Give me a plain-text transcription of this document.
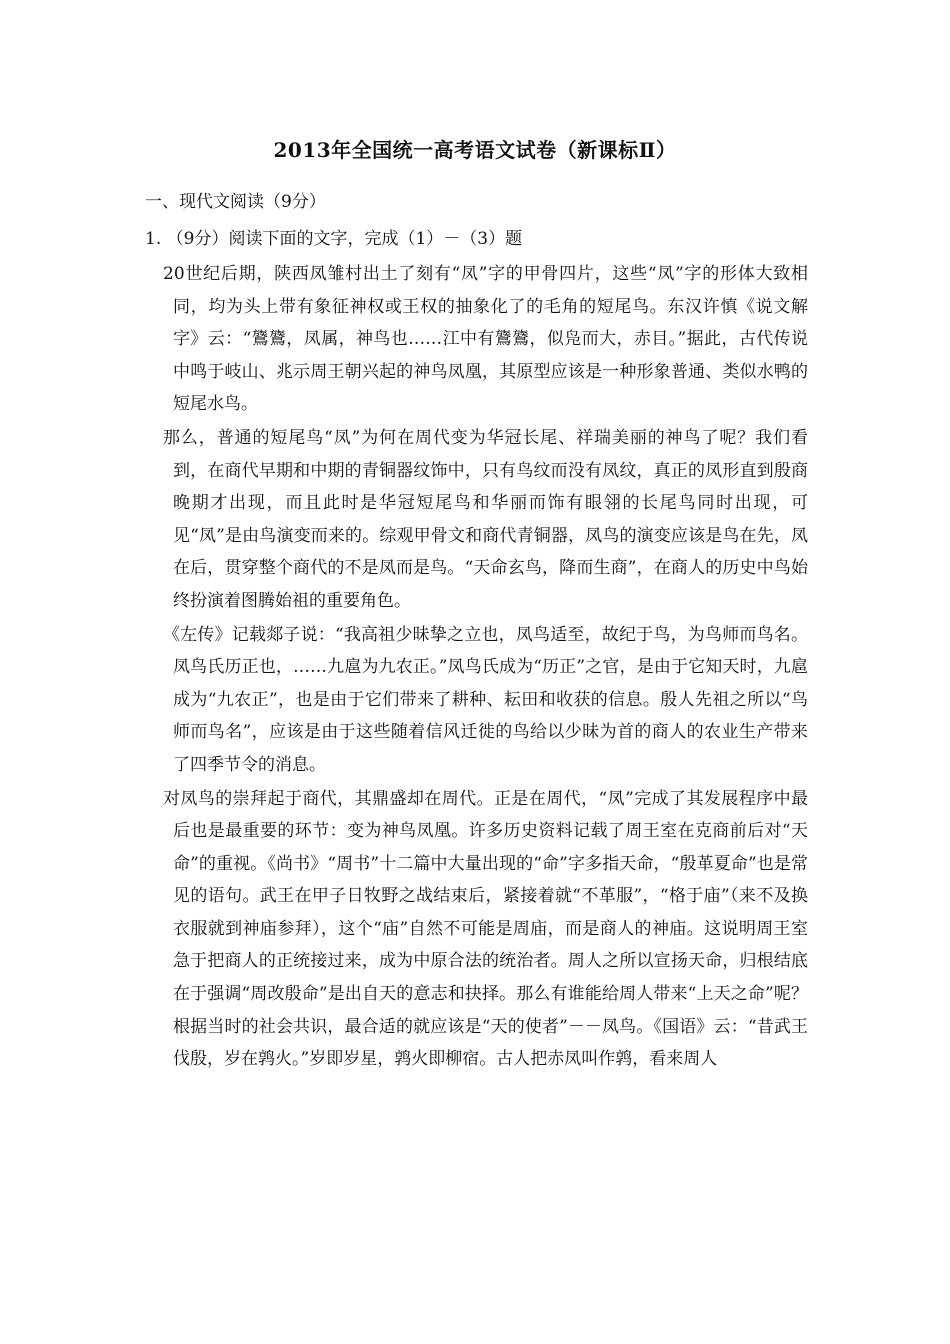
2013年全国统一高考语文试卷（新课标Ⅱ）

一、现代文阅读（9分）

1. （9分）阅读下面的文字，完成（1）－（3）题

20世纪后期，陕西凤雏村出土了刻有“凤”字的甲骨四片，这些“凤”字的形体大致相同，均为头上带有象征神权或王权的抽象化了的毛角的短尾鸟。东汉许慎《说文解字》云：“鷟鷟，凤属，神鸟也……江中有鷟鷟，似凫而大，赤目。”据此，古代传说中鸣于岐山、兆示周王朝兴起的神鸟凤凰，其原型应该是一种形象普通、类似水鸭的短尾水鸟。

那么，普通的短尾鸟“凤”为何在周代变为华冠长尾、祥瑞美丽的神鸟了呢？我们看到，在商代早期和中期的青铜器纹饰中，只有鸟纹而没有凤纹，真正的凤形直到殷商晚期才出现，而且此时是华冠短尾鸟和华丽而饰有眼翎的长尾鸟同时出现，可见“凤”是由鸟演变而来的。综观甲骨文和商代青铜器，凤鸟的演变应该是鸟在先，凤在后，贯穿整个商代的不是凤而是鸟。“天命玄鸟，降而生商”，在商人的历史中鸟始终扮演着图腾始祖的重要角色。

《左传》记载郯子说：“我高祖少昧挚之立也，凤鸟适至，故纪于鸟，为鸟师而鸟名。凤鸟氏历正也，……九扈为九农正。”凤鸟氏成为“历正”之官，是由于它知天时，九扈成为“九农正”，也是由于它们带来了耕种、耘田和收获的信息。殷人先祖之所以“鸟师而鸟名”，应该是由于这些随着信风迁徙的鸟给以少昧为首的商人的农业生产带来了四季节令的消息。

对凤鸟的崇拜起于商代，其鼎盛却在周代。正是在周代，“凤”完成了其发展程序中最后也是最重要的环节：变为神鸟凤凰。许多历史资料记载了周王室在克商前后对“天命”的重视。《尚书》“周书”十二篇中大量出现的“命”字多指天命，“殷革夏命”也是常见的语句。武王在甲子日牧野之战结束后，紧接着就“不革服”，“格于庙”（来不及换衣服就到神庙参拜），这个“庙”自然不可能是周庙，而是商人的神庙。这说明周王室急于把商人的正统接过来，成为中原合法的统治者。周人之所以宣扬天命，归根结底在于强调“周改殷命”是出自天的意志和抉择。那么有谁能给周人带来“上天之命”呢？根据当时的社会共识，最合适的就应该是“天的使者”－－凤鸟。《国语》云：“昔武王伐殷，岁在鹑火。”岁即岁星，鹑火即柳宿。古人把赤凤叫作鹑，看来周人
